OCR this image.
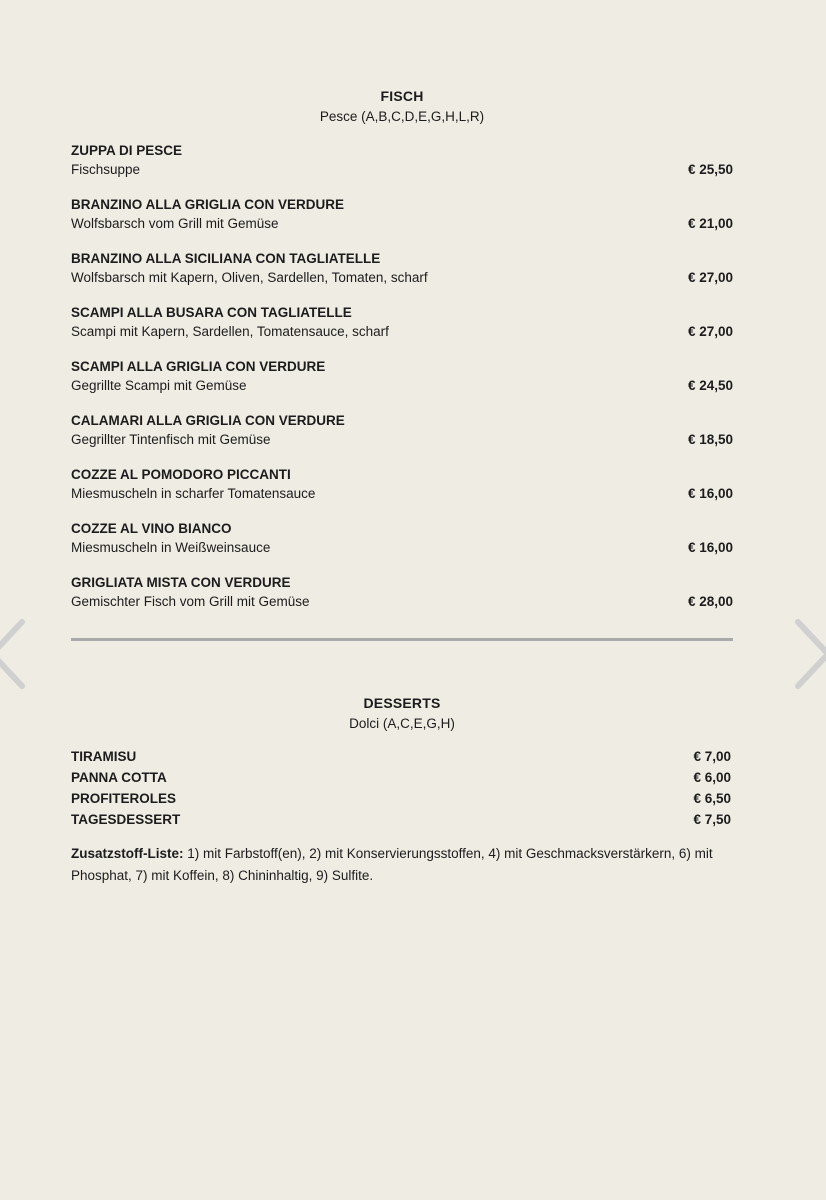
FISCH
Pesce (A,B,C,D,E,G,H,L,R)
ZUPPA DI PESCE
Fischsuppe	€ 25,50
BRANZINO ALLA GRIGLIA CON VERDURE
Wolfsbarsch vom Grill mit Gemüse	€ 21,00
BRANZINO ALLA SICILIANA CON TAGLIATELLE
Wolfsbarsch mit Kapern, Oliven, Sardellen, Tomaten, scharf	€ 27,00
SCAMPI ALLA BUSARA CON TAGLIATELLE
Scampi mit Kapern, Sardellen, Tomatensauce, scharf	€ 27,00
SCAMPI ALLA GRIGLIA CON VERDURE
Gegrillte Scampi mit Gemüse	€ 24,50
CALAMARI ALLA GRIGLIA CON VERDURE
Gegrillter Tintenfisch mit Gemüse	€ 18,50
COZZE AL POMODORO PICCANTI
Miesmuscheln in scharfer Tomatensauce	€ 16,00
COZZE AL VINO BIANCO
Miesmuscheln in Weißweinsauce	€ 16,00
GRIGLIATA MISTA CON VERDURE
Gemischter Fisch vom Grill mit Gemüse	€ 28,00
DESSERTS
Dolci (A,C,E,G,H)
TIRAMISU	€ 7,00
PANNA COTTA	€ 6,00
PROFITEROLES	€ 6,50
TAGESDESSERT	€ 7,50
Zusatzstoff-Liste: 1) mit Farbstoff(en), 2) mit Konservierungsstoffen, 4) mit Geschmacksverstärkern, 6) mit Phosphat, 7) mit Koffein, 8) Chininhaltig, 9) Sulfite.
